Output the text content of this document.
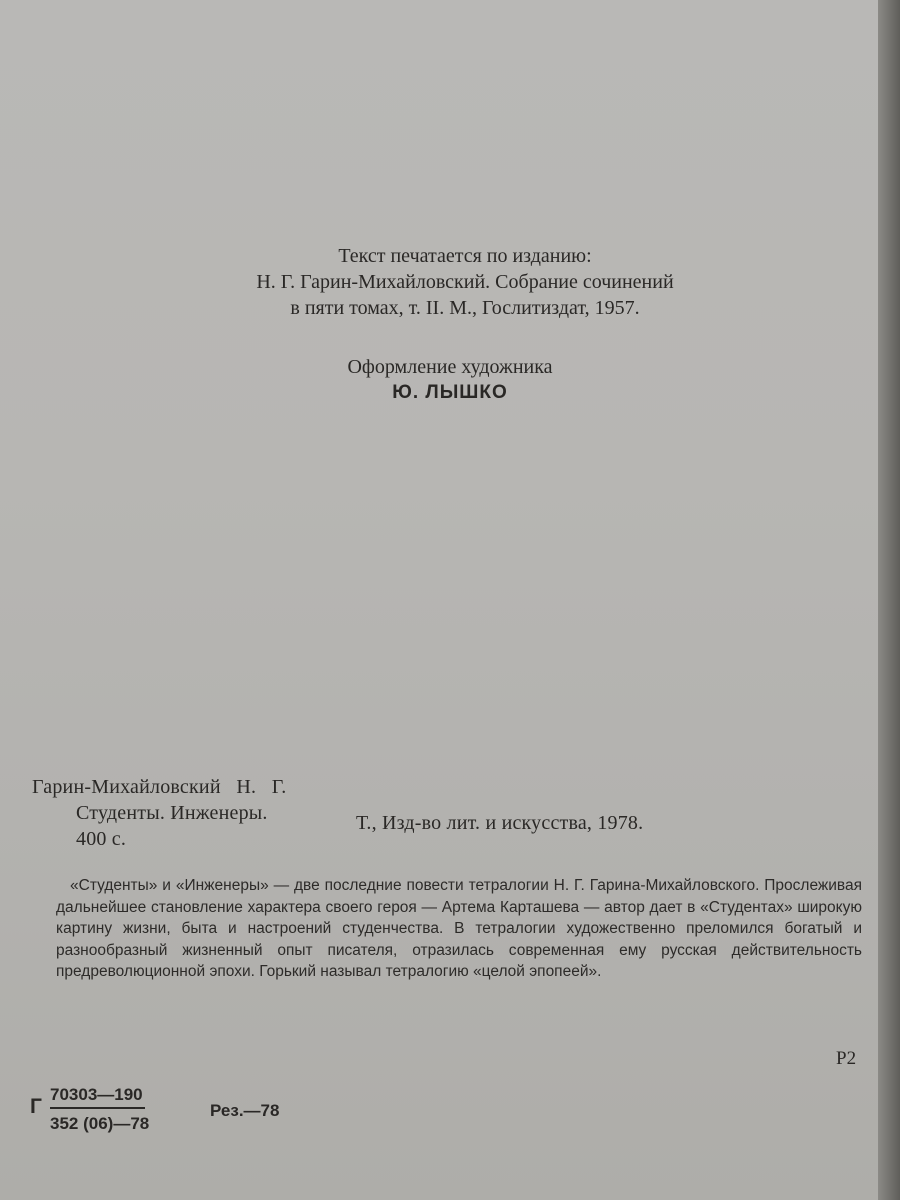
Текст печатается по изданию:
Н. Г. Гарин-Михайловский. Собрание сочинений
в пяти томах, т. II. М., Гослитиздат, 1957.
Оформление художника
Ю. ЛЫШКО
Гарин-Михайловский   Н.   Г.
Студенты. Инженеры.	Т., Изд-во лит. и искусства, 1978.
400 с.
«Студенты» и «Инженеры» — две последние повести тетралогии Н. Г. Гарина-Михайловского. Прослеживая дальнейшее становление характера своего героя — Артема Карташева — автор дает в «Студентах» широкую картину жизни, быта и настроений студенчества. В тетралогии художественно преломился богатый и разнообразный жизненный опыт писателя, отразилась современная ему русская действительность предреволюционной эпохи. Горький называл тетралогию «целой эпопеей».
Р2
Г
70303—190
352 (06)—78
Рез.—78
